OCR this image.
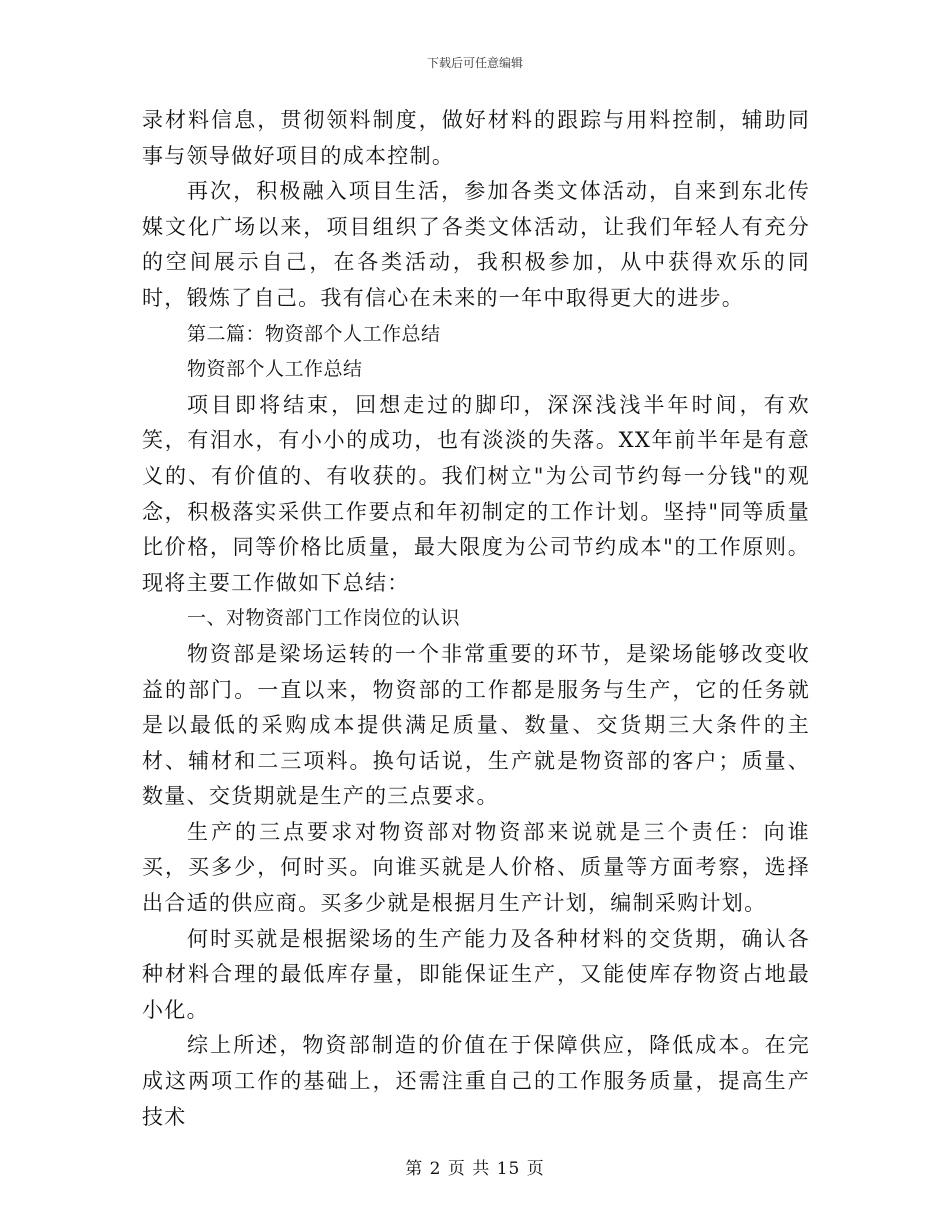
下载后可任意编辑

录材料信息，贯彻领料制度，做好材料的跟踪与用料控制，辅助同事与领导做好项目的成本控制。

再次，积极融入项目生活，参加各类文体活动，自来到东北传媒文化广场以来，项目组织了各类文体活动，让我们年轻人有充分的空间展示自己，在各类活动，我积极参加，从中获得欢乐的同时，锻炼了自己。我有信心在未来的一年中取得更大的进步。

第二篇：物资部个人工作总结

物资部个人工作总结

项目即将结束，回想走过的脚印，深深浅浅半年时间，有欢笑，有泪水，有小小的成功，也有淡淡的失落。XX年前半年是有意义的、有价值的、有收获的。我们树立"为公司节约每一分钱"的观念，积极落实采供工作要点和年初制定的工作计划。坚持"同等质量比价格，同等价格比质量，最大限度为公司节约成本"的工作原则。现将主要工作做如下总结：

一、对物资部门工作岗位的认识

物资部是梁场运转的一个非常重要的环节，是梁场能够改变收益的部门。一直以来，物资部的工作都是服务与生产，它的任务就是以最低的采购成本提供满足质量、数量、交货期三大条件的主材、辅材和二三项料。换句话说，生产就是物资部的客户；质量、数量、交货期就是生产的三点要求。

生产的三点要求对物资部对物资部来说就是三个责任：向谁买，买多少，何时买。向谁买就是人价格、质量等方面考察，选择出合适的供应商。买多少就是根据月生产计划，编制采购计划。

何时买就是根据梁场的生产能力及各种材料的交货期，确认各种材料合理的最低库存量，即能保证生产，又能使库存物资占地最小化。

综上所述，物资部制造的价值在于保障供应，降低成本。在完成这两项工作的基础上，还需注重自己的工作服务质量，提高生产技术

第 2 页 共 15 页
